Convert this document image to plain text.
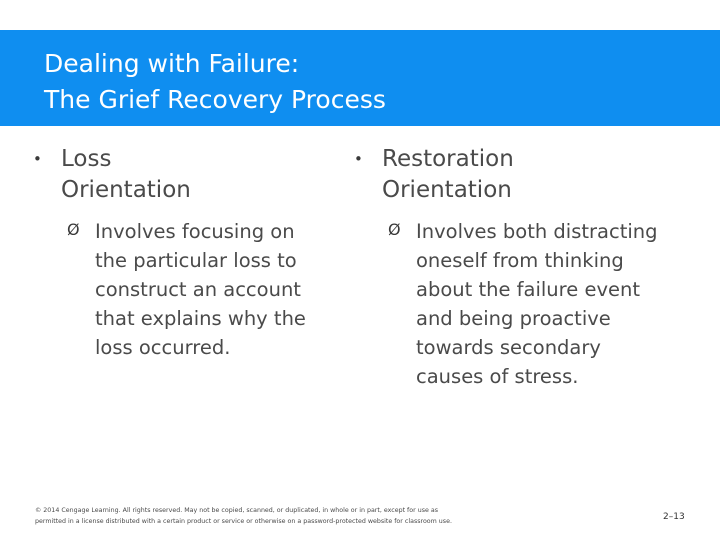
Dealing with Failure:
The Grief Recovery Process
• Loss
Orientation
Ø Involves focusing on
the particular loss to
construct an account
that explains why the
loss occurred.
• Restoration
Orientation
Ø Involves both distracting
oneself from thinking
about the failure event
and being proactive
towards secondary
causes of stress.
© 2014 Cengage Learning. All rights reserved. May not be copied, scanned, or duplicated, in whole or in part, except for use as
permitted in a license distributed with a certain product or service or otherwise on a password-protected website for classroom use.	2–13
